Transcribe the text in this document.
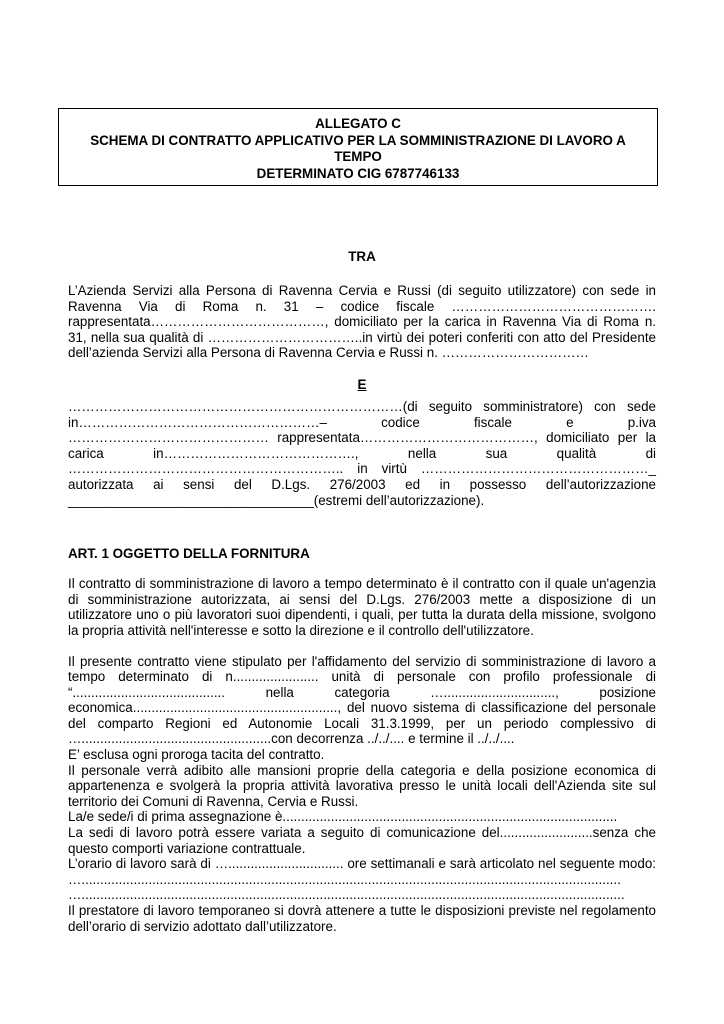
ALLEGATO C
SCHEMA DI CONTRATTO APPLICATIVO PER LA SOMMINISTRAZIONE DI LAVORO A TEMPO
DETERMINATO CIG 6787746133
TRA

L’Azienda Servizi alla Persona di Ravenna Cervia e Russi (di seguito utilizzatore) con sede in Ravenna Via di Roma n. 31 – codice fiscale ………………………………………. rappresentata…………………………………, domiciliato per la carica in Ravenna Via di Roma n. 31, nella sua qualità di ……………………………..in virtù dei poteri conferiti con atto del Presidente dell’azienda Servizi alla Persona di Ravenna Cervia e Russi n. ……………………………

E

…………………………………………………………………(di seguito somministratore) con sede

in………………………………………………– codice fiscale e p.iva

……………………………………… rappresentata…………………………………, domiciliato per la

carica in……………………………………., nella sua qualità di

…………………………………………………….. in virtù ……………………………………………_

autorizzata ai sensi del D.Lgs. 276/2003 ed in possesso dell’autorizzazione

_________________________________(estremi dell’autorizzazione).

ART. 1 OGGETTO DELLA FORNITURA

Il contratto di somministrazione di lavoro a tempo determinato è il contratto con il quale un'agenzia di somministrazione autorizzata, ai sensi del D.Lgs. 276/2003 mette a disposizione di un utilizzatore uno o più lavoratori suoi dipendenti, i quali, per tutta la durata della missione, svolgono la propria attività nell'interesse e sotto la direzione e il controllo dell'utilizzatore.

Il presente contratto viene stipulato per l'affidamento del servizio di somministrazione di lavoro a

tempo determinato di n....................... unità di personale con profilo professionale di

“......................................... nella categoria ….............................., posizione

economica......................................................., del nuovo sistema di classificazione del personale

del comparto Regioni ed Autonomie Locali 31.3.1999, per un periodo complessivo di

…...................................................con decorrenza ../../.... e termine il ../../....

E’ esclusa ogni proroga tacita del contratto.

Il personale verrà adibito alle mansioni proprie della categoria e della posizione economica di

appartenenza e svolgerà la propria attività lavorativa presso le unità locali dell'Azienda site sul

territorio dei Comuni di Ravenna, Cervia e Russi.

La/e sede/i di prima assegnazione è..........................................................................................

La sedi di lavoro potrà essere variata a seguito di comunicazione del.........................senza che

questo comporti variazione contrattuale.

L’orario di lavoro sarà di …............................... ore settimanali e sarà articolato nel seguente modo:

….................................................................................................................................................

…..................................................................................................................................................

Il prestatore di lavoro temporaneo si dovrà attenere a tutte le disposizioni previste nel regolamento

dell’orario di servizio adottato dall’utilizzatore.
